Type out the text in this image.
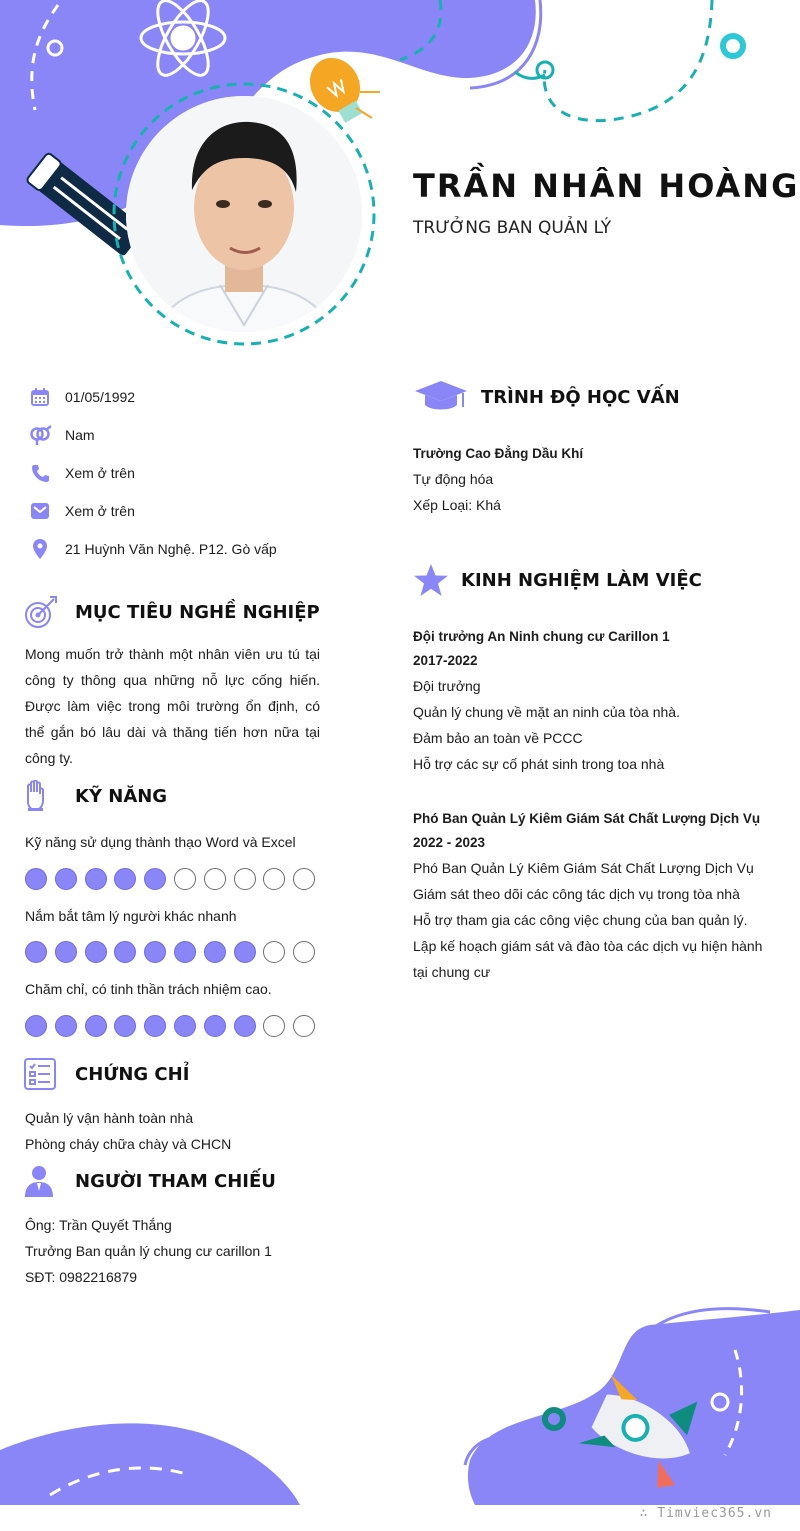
TRẦN NHÂN HOÀNG
TRƯỞNG BAN QUẢN LÝ
01/05/1992
Nam
Xem ở trên
Xem ở trên
21 Huỳnh Văn Nghệ. P12. Gò vấp
MỤC TIÊU NGHỀ NGHIỆP
Mong muốn trở thành một nhân viên ưu tú tại công ty thông qua những nỗ lực cống hiến. Được làm việc trong môi trường ổn định, có thể gắn bó lâu dài và thăng tiến hơn nữa tại công ty.
KỸ NĂNG
Kỹ năng sử dụng thành thạo Word và Excel
Nắm bắt tâm lý người khác nhanh
Chăm chỉ, có tinh thần trách nhiệm cao.
CHỨNG CHỈ
Quản lý vận hành toàn nhà
Phòng cháy chữa chày và CHCN
NGƯỜI THAM CHIẾU
Ông: Trần Quyết Thắng
Trưởng Ban quản lý chung cư carillon 1
SĐT: 0982216879
TRÌNH ĐỘ HỌC VẤN
Trường Cao Đẳng Dầu Khí
Tự động hóa
Xếp Loại: Khá
KINH NGHIỆM LÀM VIỆC
Đội trưởng An Ninh chung cư Carillon 1
2017-2022
Đội trưởng
Quản lý chung về mặt an ninh của tòa nhà.
Đảm bảo an toàn về PCCC
Hỗ trợ các sự cố phát sinh trong toa nhà
Phó Ban Quản Lý Kiêm Giám Sát Chất Lượng Dịch Vụ
2022 - 2023
Phó Ban Quản Lý Kiêm Giám Sát Chất Lượng Dịch Vụ
Giám sát theo dõi các công tác dịch vụ trong tòa nhà
Hỗ trợ tham gia các công việc chung của ban quản lý.
Lập kế hoạch giám sát và đào tòa các dịch vụ hiện hành
tại chung cư
∴ Timviec365.vn
